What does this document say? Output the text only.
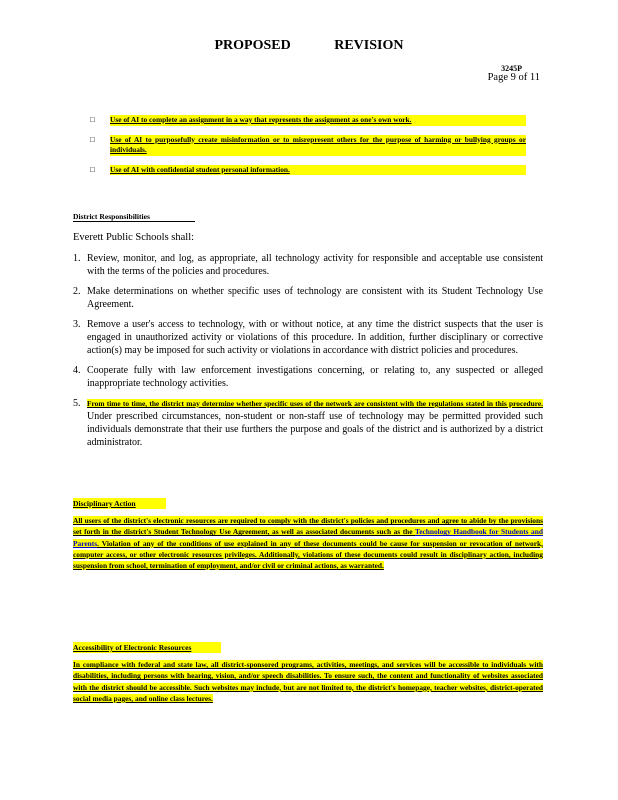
PROPOSED	REVISION
3245P
Page 9 of 11
□	Use of AI to complete an assignment in a way that represents the assignment as one's own work.
□	Use of AI to purposefully create misinformation or to misrepresent others for the purpose of harming or bullying groups or individuals.
□	Use of AI with confidential student personal information.
District Responsibilities
Everett Public Schools shall:
1. Review, monitor, and log, as appropriate, all technology activity for responsible and acceptable use consistent with the terms of the policies and procedures.
2. Make determinations on whether specific uses of technology are consistent with its Student Technology Use Agreement.
3. Remove a user's access to technology, with or without notice, at any time the district suspects that the user is engaged in unauthorized activity or violations of this procedure. In addition, further disciplinary or corrective action(s) may be imposed for such activity or violations in accordance with district policies and procedures.
4. Cooperate fully with law enforcement investigations concerning, or relating to, any suspected or alleged inappropriate technology activities.
5. From time to time, the district may determine whether specific uses of the network are consistent with the regulations stated in this procedure. Under prescribed circumstances, non-student or non-staff use of technology may be permitted provided such individuals demonstrate that their use furthers the purpose and goals of the district and is authorized by a district administrator.
Disciplinary Action
All users of the district's electronic resources are required to comply with the district's policies and procedures and agree to abide by the provisions set forth in the district's Student Technology Use Agreement, as well as associated documents such as the Technology Handbook for Students and Parents. Violation of any of the conditions of use explained in any of these documents could be cause for suspension or revocation of network, computer access, or other electronic resources privileges. Additionally, violations of these documents could result in disciplinary action, including suspension from school, termination of employment, and/or civil or criminal actions, as warranted.
Accessibility of Electronic Resources
In compliance with federal and state law, all district-sponsored programs, activities, meetings, and services will be accessible to individuals with disabilities, including persons with hearing, vision, and/or speech disabilities. To ensure such, the content and functionality of websites associated with the district should be accessible. Such websites may include, but are not limited to, the district's homepage, teacher websites, district-operated social media pages, and online class lectures.
